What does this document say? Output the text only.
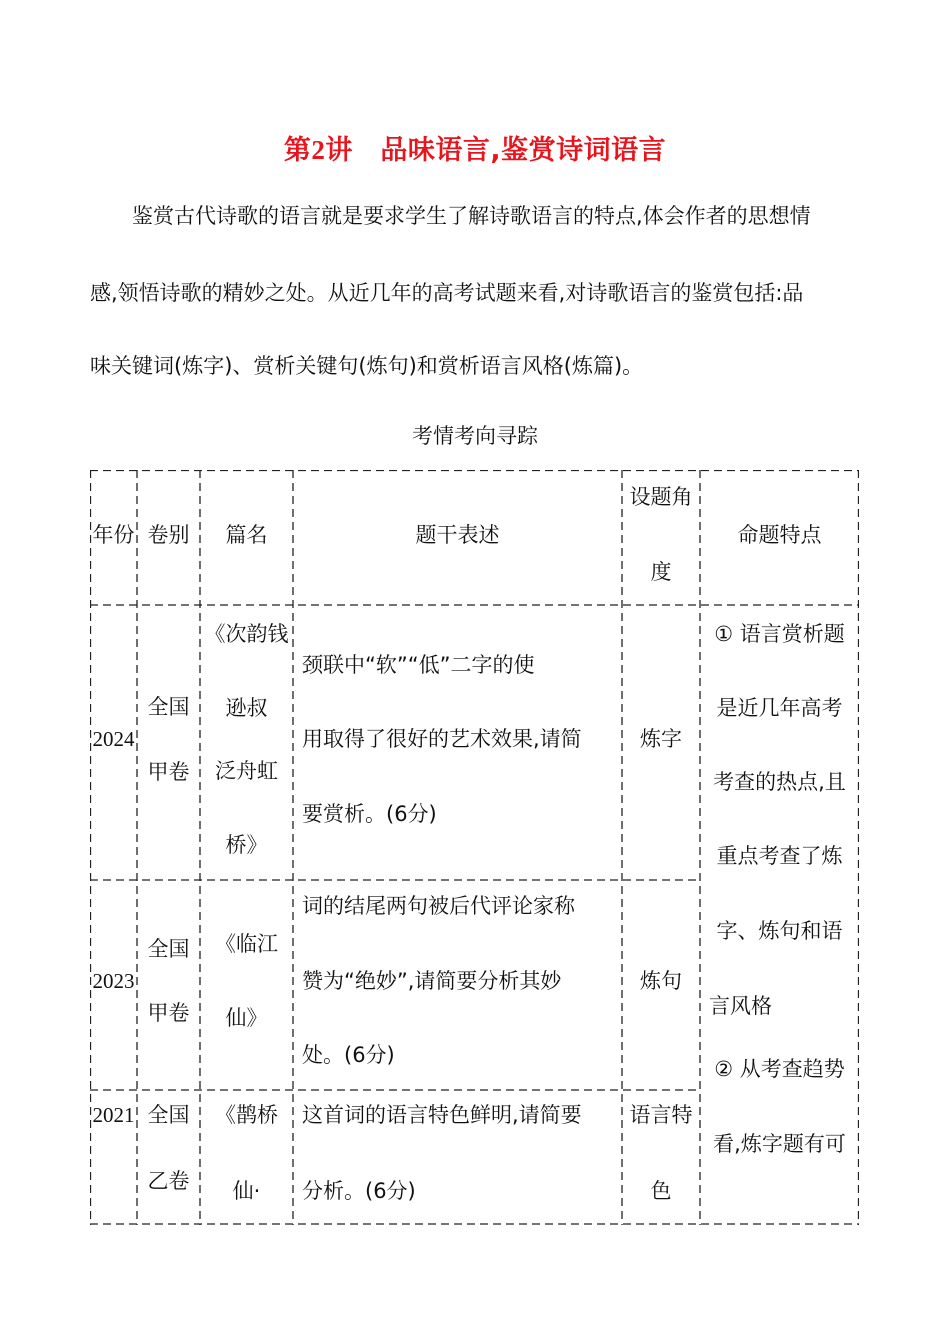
第2讲　品味语言,鉴赏诗词语言
鉴赏古代诗歌的语言就是要求学生了解诗歌语言的特点,体会作者的思想情
感,领悟诗歌的精妙之处。从近几年的高考试题来看,对诗歌语言的鉴赏包括:品
味关键词(炼字)、赏析关键句(炼句)和赏析语言风格(炼篇)。
考情考向寻踪
年份 卷别	篇名	题干表述
设题角
度
命题特点
2024
全国
甲卷
《次韵钱
逊叔
泛舟虹
桥》
颈联中“软”“低”二字的使
用取得了很好的艺术效果,请简
要赏析。(6分)
炼字
2023
全国
甲卷
《临江
仙》
词的结尾两句被后代评论家称
赞为“绝妙”,请简要分析其妙
处。(6分)
炼句
2021 全国
乙卷
《鹊桥
仙·
这首词的语言特色鲜明,请简要
分析。(6分)
语言特
色
① 语言赏析题
是近几年高考
考查的热点,且
重点考查了炼
字、炼句和语
言风格
② 从考查趋势
看,炼字题有可
